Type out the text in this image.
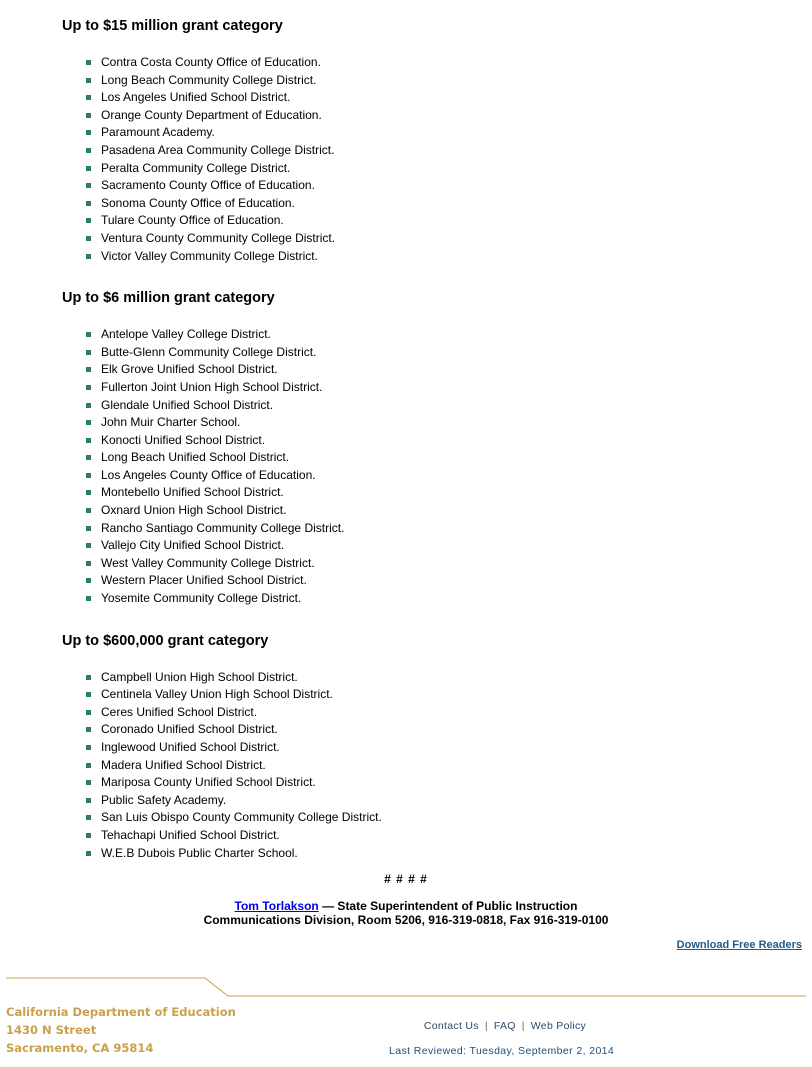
Up to $15 million grant category
Contra Costa County Office of Education.
Long Beach Community College District.
Los Angeles Unified School District.
Orange County Department of Education.
Paramount Academy.
Pasadena Area Community College District.
Peralta Community College District.
Sacramento County Office of Education.
Sonoma County Office of Education.
Tulare County Office of Education.
Ventura County Community College District.
Victor Valley Community College District.
Up to $6 million grant category
Antelope Valley College District.
Butte-Glenn Community College District.
Elk Grove Unified School District.
Fullerton Joint Union High School District.
Glendale Unified School District.
John Muir Charter School.
Konocti Unified School District.
Long Beach Unified School District.
Los Angeles County Office of Education.
Montebello Unified School District.
Oxnard Union High School District.
Rancho Santiago Community College District.
Vallejo City Unified School District.
West Valley Community College District.
Western Placer Unified School District.
Yosemite Community College District.
Up to $600,000 grant category
Campbell Union High School District.
Centinela Valley Union High School District.
Ceres Unified School District.
Coronado Unified School District.
Inglewood Unified School District.
Madera Unified School District.
Mariposa County Unified School District.
Public Safety Academy.
San Luis Obispo County Community College District.
Tehachapi Unified School District.
W.E.B Dubois Public Charter School.
# # # #
Tom Torlakson — State Superintendent of Public Instruction
Communications Division, Room 5206, 916-319-0818, Fax 916-319-0100
Download Free Readers
California Department of Education
1430 N Street
Sacramento, CA 95814
Contact Us | FAQ | Web Policy
Last Reviewed: Tuesday, September 2, 2014
